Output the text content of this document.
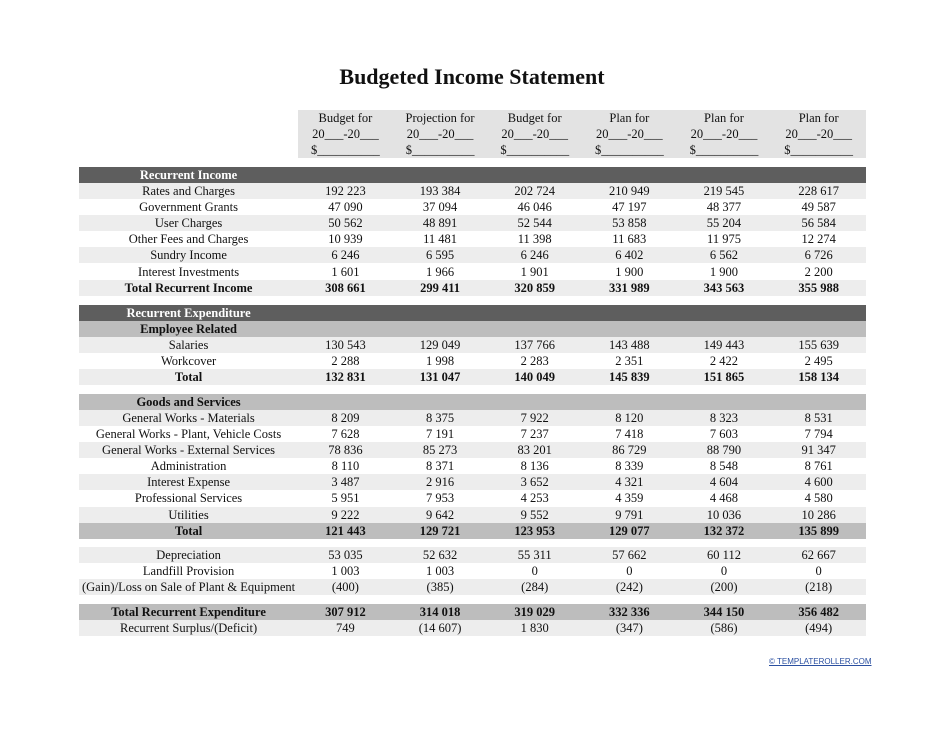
Budgeted Income Statement
	Budget for	Projection for	Budget for	Plan for	Plan for	Plan for
	20___-20___	20___-20___	20___-20___	20___-20___	20___-20___	20___-20___
	$__________	$__________	$__________	$__________	$__________	$__________

Recurrent Income						
Rates and Charges	192 223	193 384	202 724	210 949	219 545	228 617
Government Grants	47 090	37 094	46 046	47 197	48 377	49 587
User Charges	50 562	48 891	52 544	53 858	55 204	56 584
Other Fees and Charges	10 939	11 481	11 398	11 683	11 975	12 274
Sundry Income	6 246	6 595	6 246	6 402	6 562	6 726
Interest Investments	1 601	1 966	1 901	1 900	1 900	2 200
Total Recurrent Income	308 661	299 411	320 859	331 989	343 563	355 988

Recurrent Expenditure						
Employee Related						
Salaries	130 543	129 049	137 766	143 488	149 443	155 639
Workcover	2 288	1 998	2 283	2 351	2 422	2 495
Total	132 831	131 047	140 049	145 839	151 865	158 134

Goods and Services						
General Works - Materials	8 209	8 375	7 922	8 120	8 323	8 531
General Works - Plant, Vehicle Costs	7 628	7 191	7 237	7 418	7 603	7 794
General Works - External Services	78 836	85 273	83 201	86 729	88 790	91 347
Administration	8 110	8 371	8 136	8 339	8 548	8 761
Interest Expense	3 487	2 916	3 652	4 321	4 604	4 600
Professional Services	5 951	7 953	4 253	4 359	4 468	4 580
Utilities	9 222	9 642	9 552	9 791	10 036	10 286
Total	121 443	129 721	123 953	129 077	132 372	135 899

Depreciation	53 035	52 632	55 311	57 662	60 112	62 667
Landfill Provision	1 003	1 003	0	0	0	0
(Gain)/Loss on Sale of Plant & Equipment	(400)	(385)	(284)	(242)	(200)	(218)

Total Recurrent Expenditure	307 912	314 018	319 029	332 336	344 150	356 482
Recurrent Surplus/(Deficit)	749	(14 607)	1 830	(347)	(586)	(494)
© TEMPLATEROLLER.COM
